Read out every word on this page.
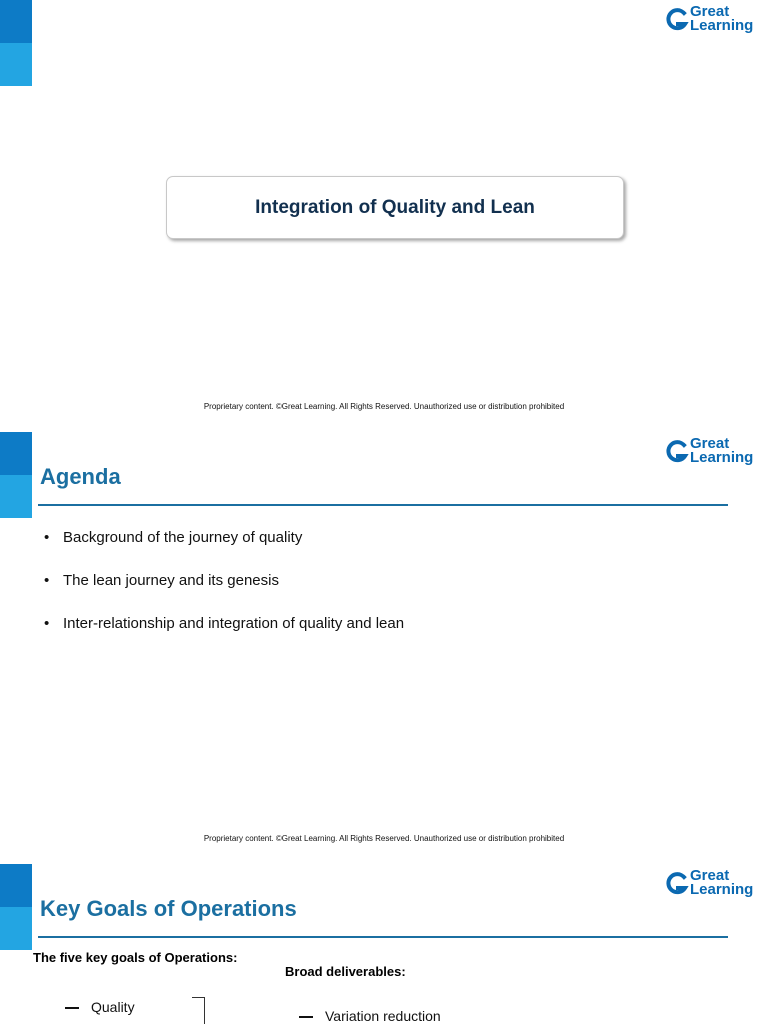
Great
Learning
Integration of Quality and Lean
Proprietary content. ©Great Learning. All Rights Reserved. Unauthorized use or distribution prohibited
Great
Learning
Agenda
• Background of the journey of quality
• The lean journey and its genesis
• Inter-relationship and integration of quality and lean
Proprietary content. ©Great Learning. All Rights Reserved. Unauthorized use or distribution prohibited
Great
Learning
Key Goals of Operations
The five key goals of Operations:
Broad deliverables:
Quality
Variation reduction
